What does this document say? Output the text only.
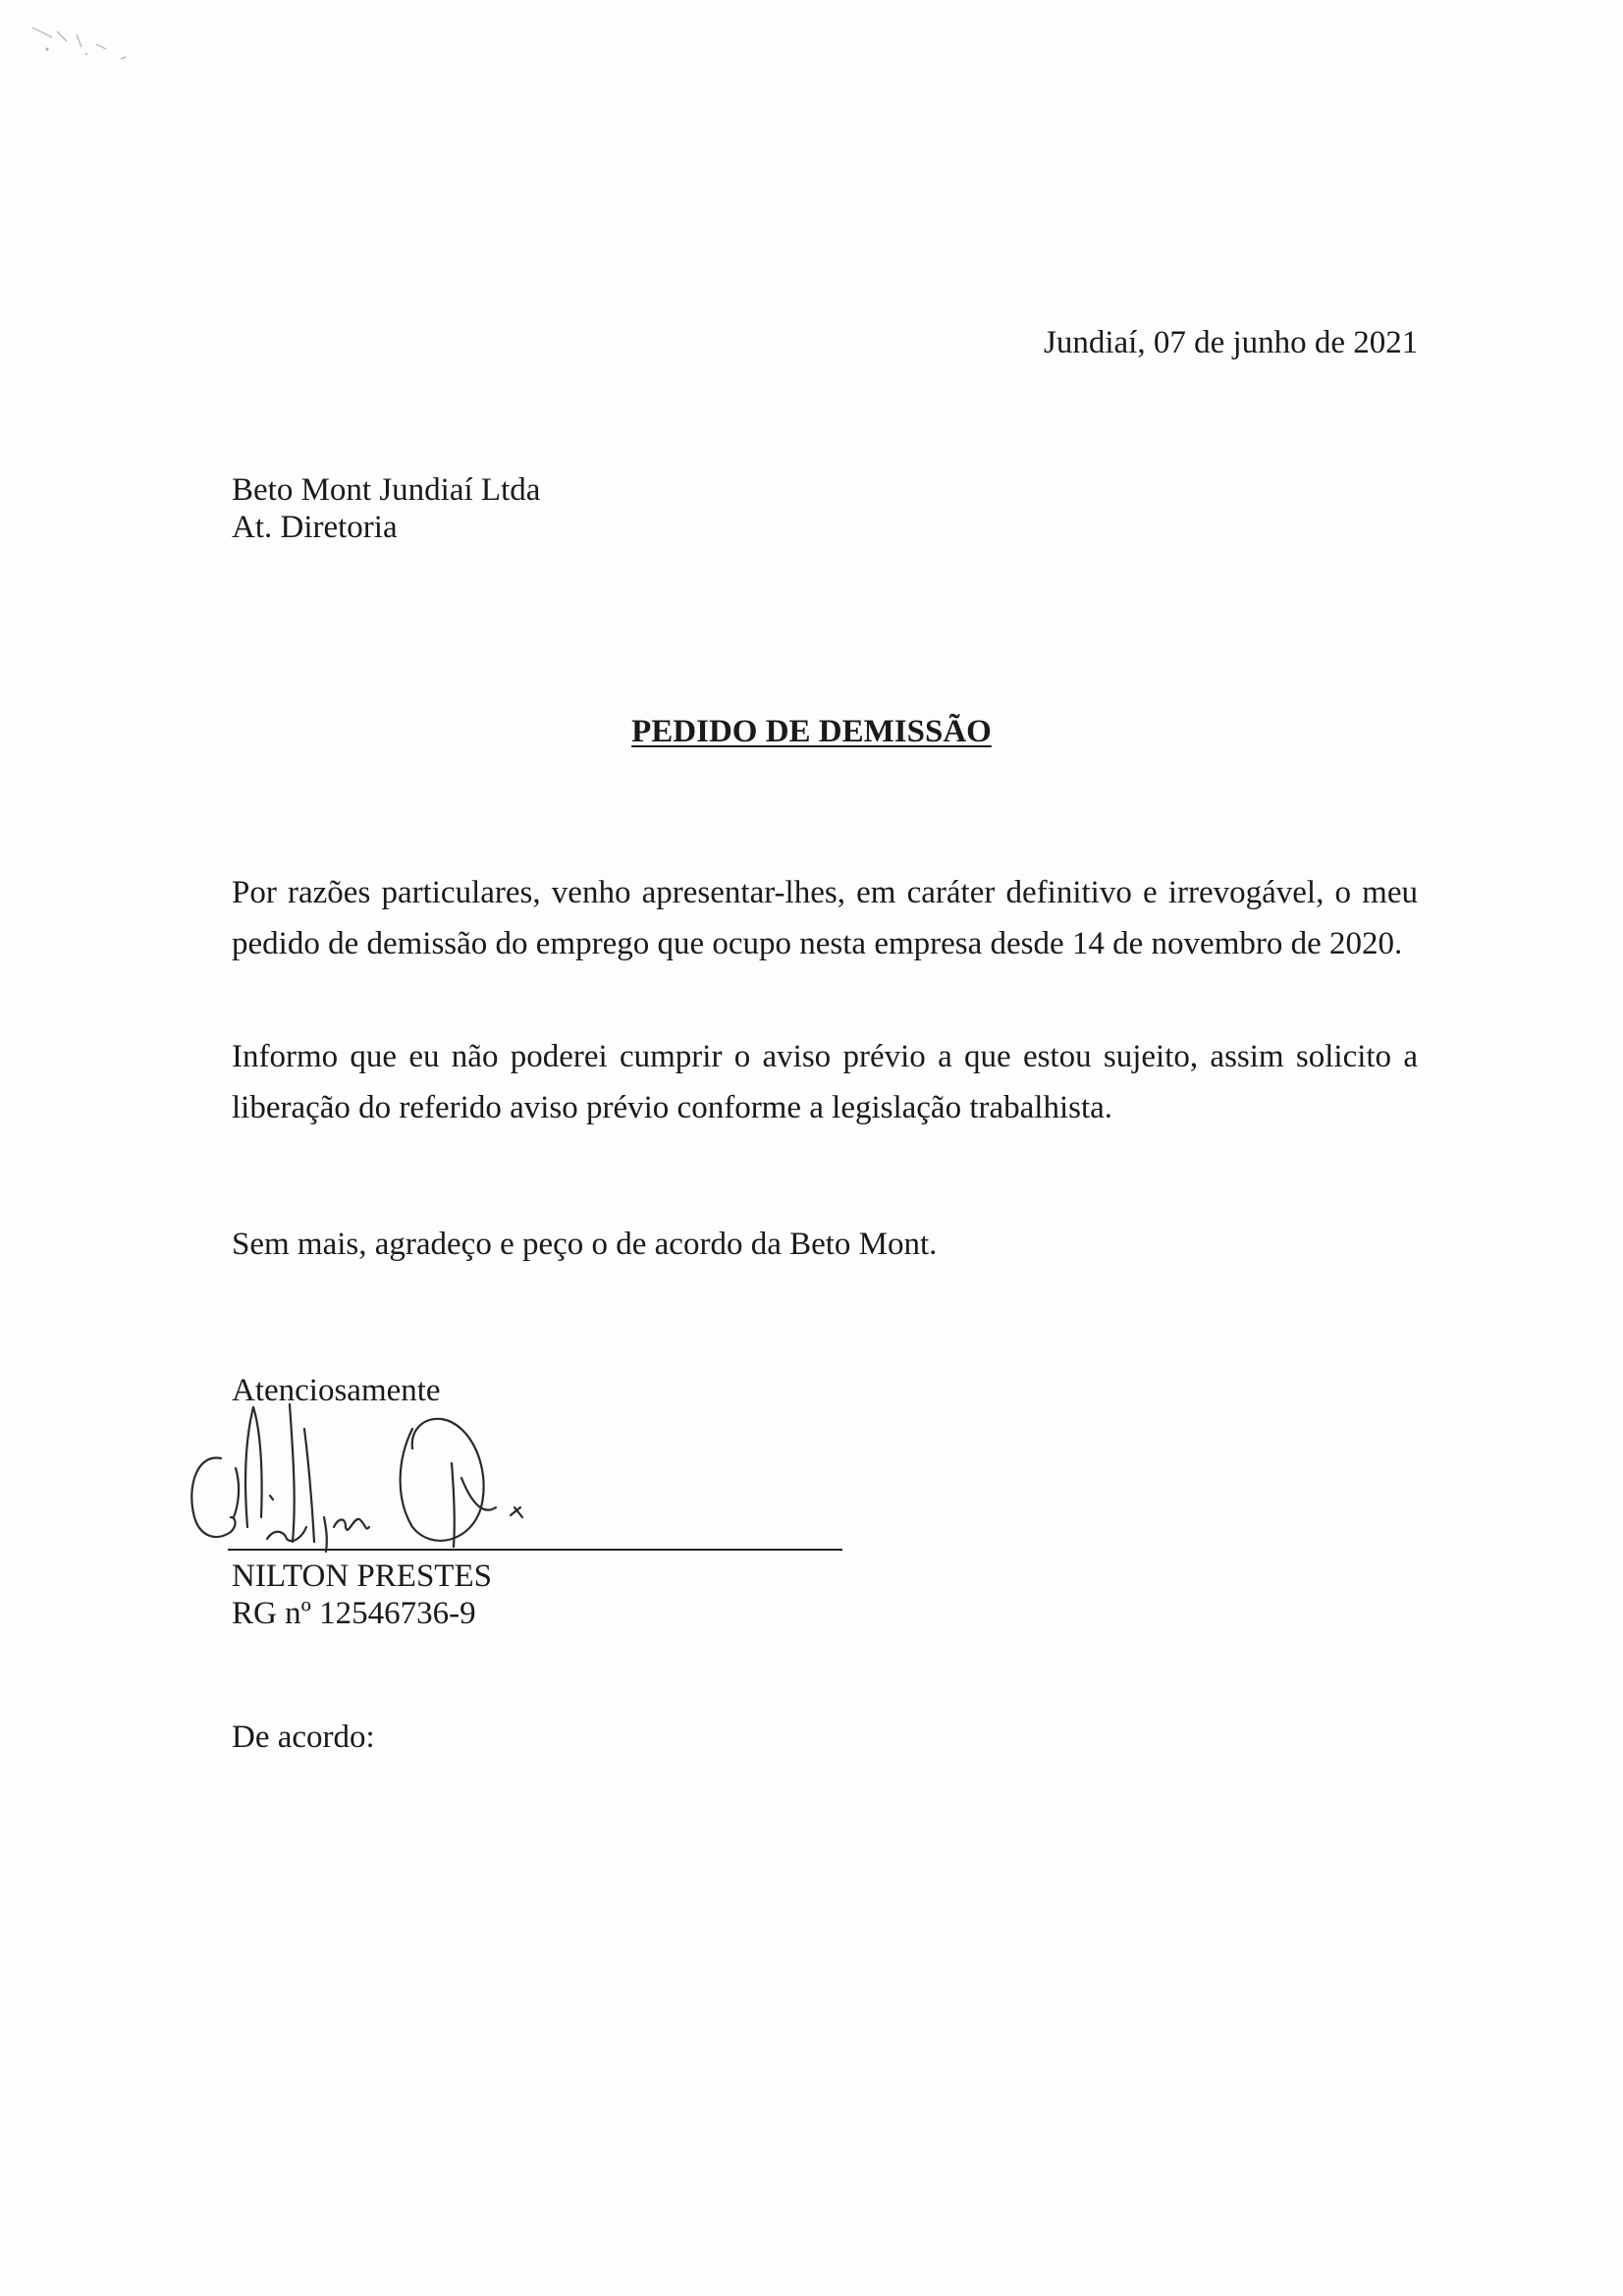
Jundiaí, 07 de junho de 2021
Beto Mont Jundiaí Ltda
At. Diretoria
PEDIDO DE DEMISSÃO
Por razões particulares, venho apresentar-lhes, em caráter definitivo e irrevogável, o meu pedido de demissão do emprego que ocupo nesta empresa desde 14 de novembro de 2020.
Informo que eu não poderei cumprir o aviso prévio a que estou sujeito, assim solicito a liberação do referido aviso prévio conforme a legislação trabalhista.
Sem mais, agradeço e peço o de acordo da Beto Mont.
Atenciosamente
NILTON PRESTES
RG nº 12546736-9
De acordo:
